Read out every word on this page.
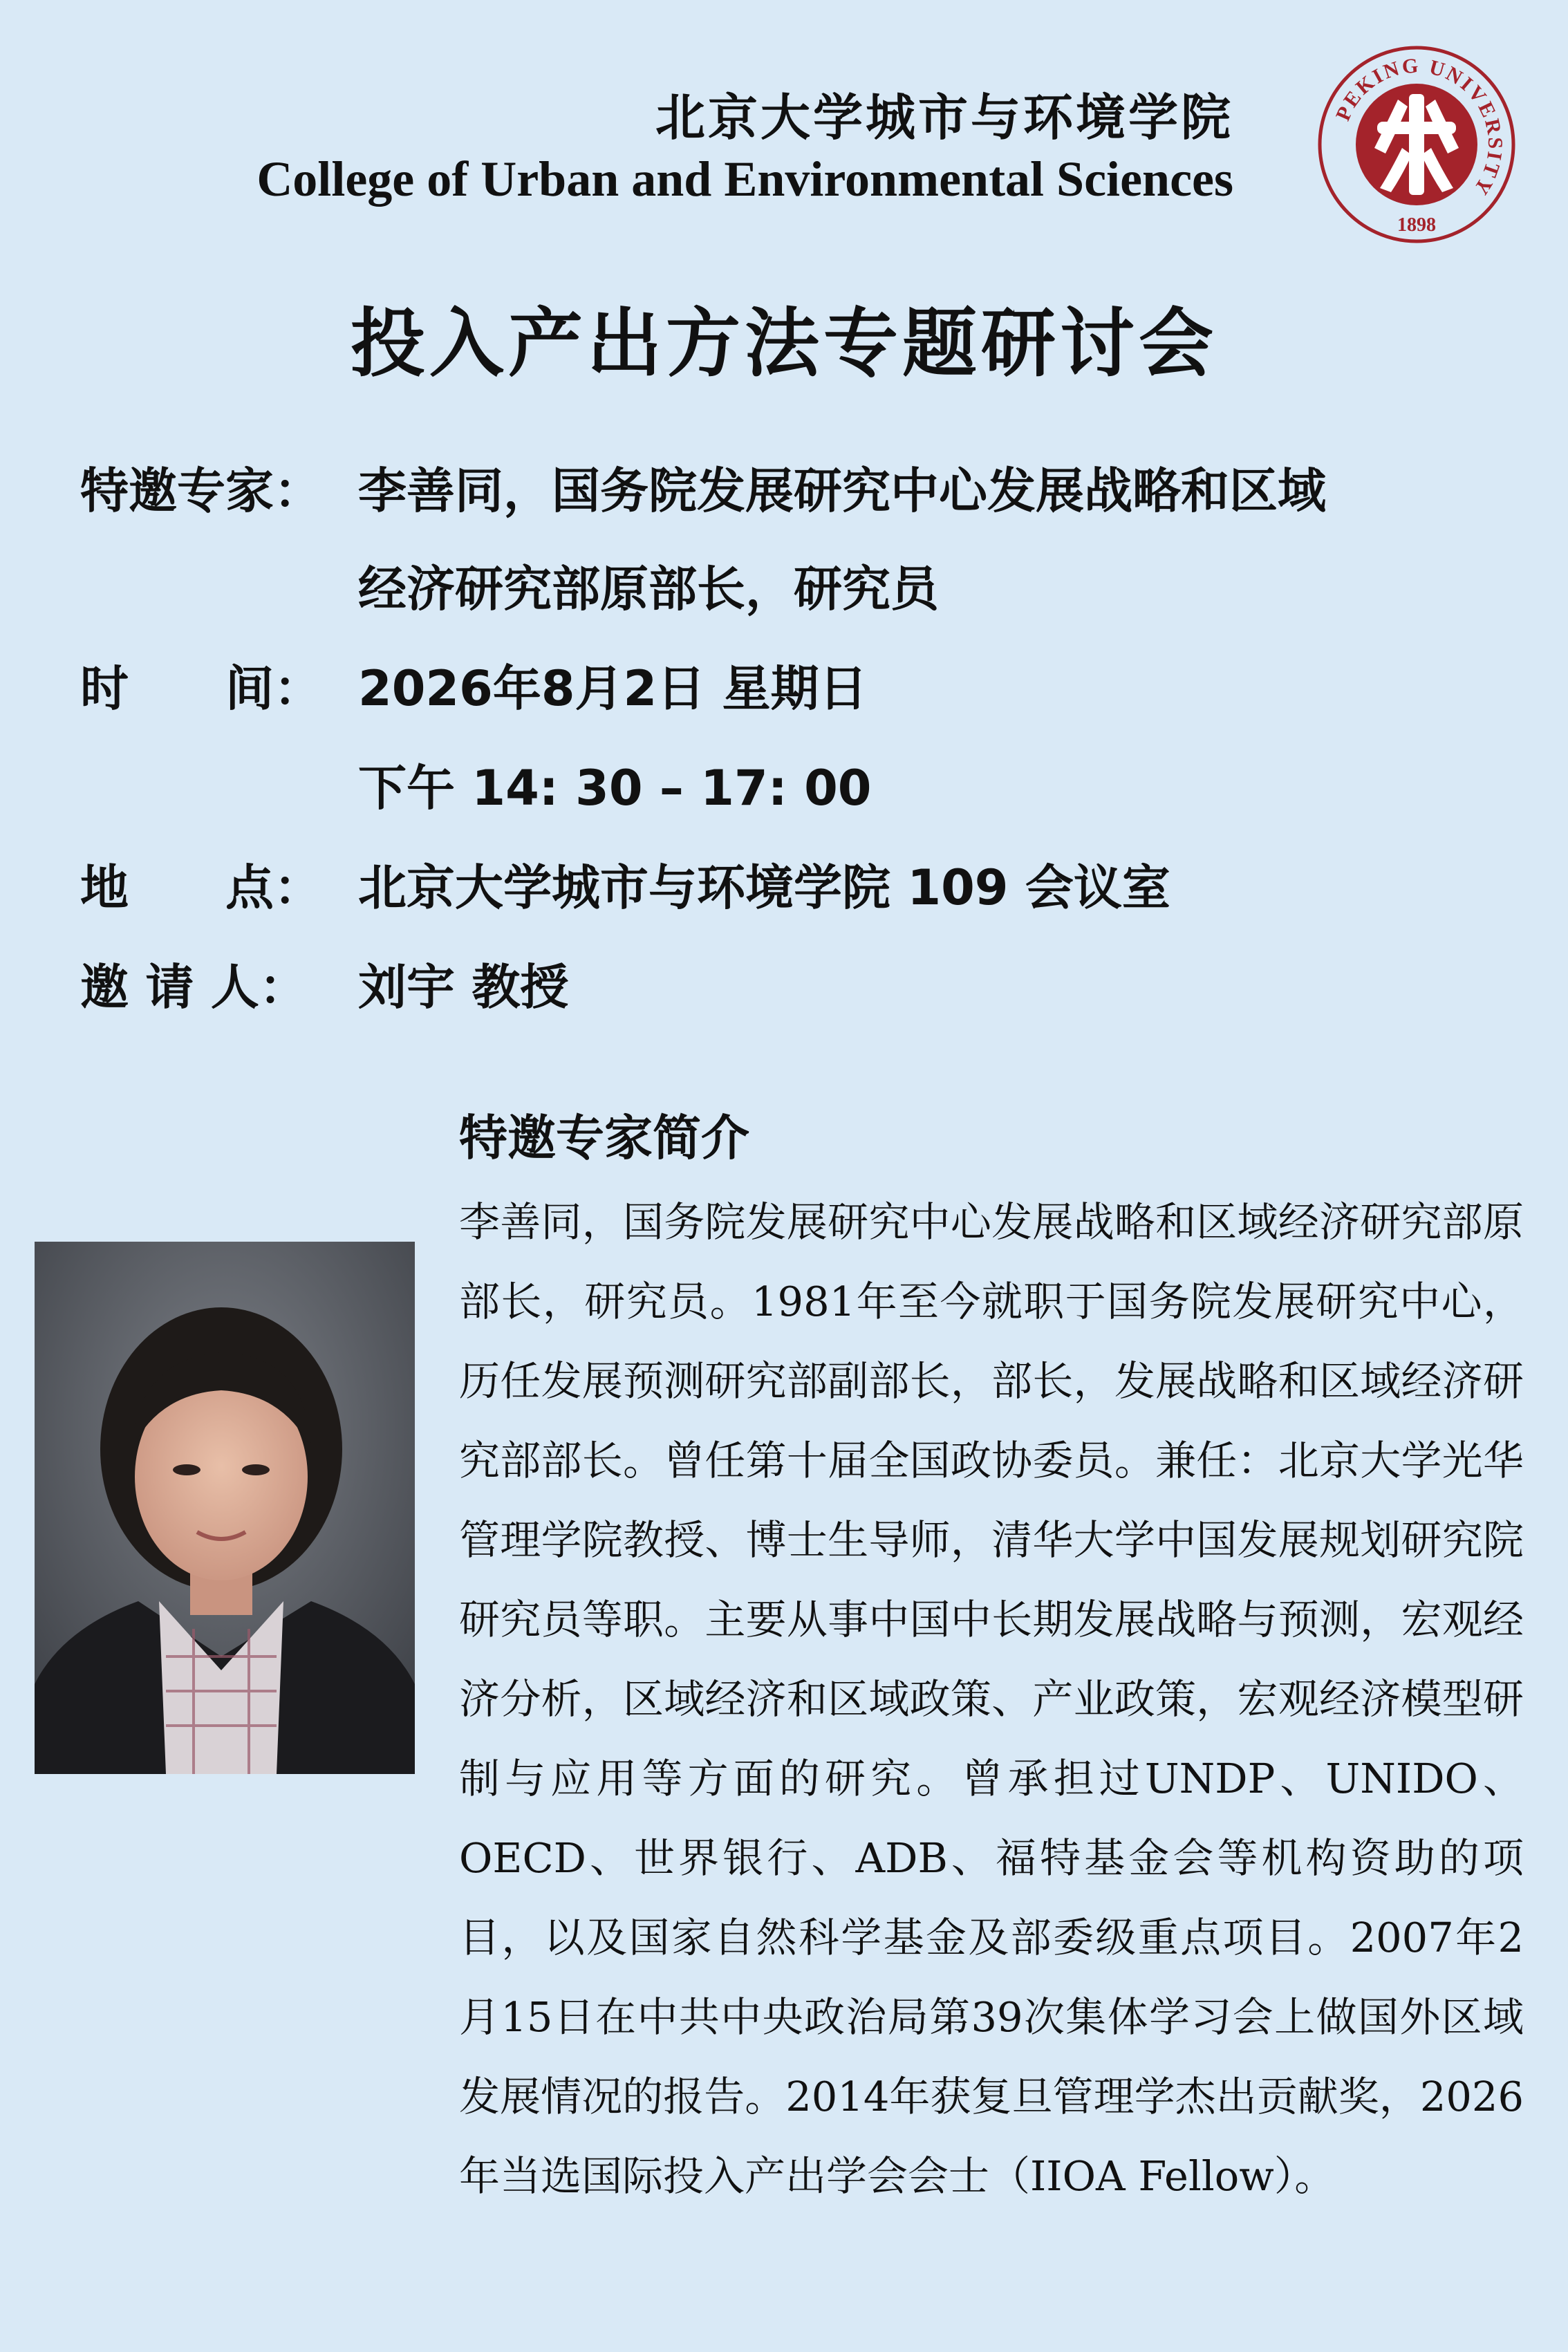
北京大学城市与环境学院
College of Urban and Environmental Sciences
PEKING UNIVERSITY
1898
投入产出方法专题研讨会
特邀专家： 李善同，国务院发展研究中心发展战略和区域
经济研究部原部长，研究员
时　　间： 2026年8月2日 星期日
下午 14: 30 – 17: 00
地　　点： 北京大学城市与环境学院 109 会议室
邀 请 人： 刘宇 教授
特邀专家简介
李善同，国务院发展研究中心发展战略和区域经济研究部原部长，研究员。1981年至今就职于国务院发展研究中心，历任发展预测研究部副部长，部长，发展战略和区域经济研究部部长。曾任第十届全国政协委员。兼任：北京大学光华管理学院教授、博士生导师，清华大学中国发展规划研究院研究员等职。主要从事中国中长期发展战略与预测，宏观经济分析，区域经济和区域政策、产业政策，宏观经济模型研制与应用等方面的研究。曾承担过UNDP、UNIDO、OECD、世界银行、ADB、福特基金会等机构资助的项目，以及国家自然科学基金及部委级重点项目。2007年2月15日在中共中央政治局第39次集体学习会上做国外区域发展情况的报告。2014年获复旦管理学杰出贡献奖，2026年当选国际投入产出学会会士（IIOA Fellow）。
